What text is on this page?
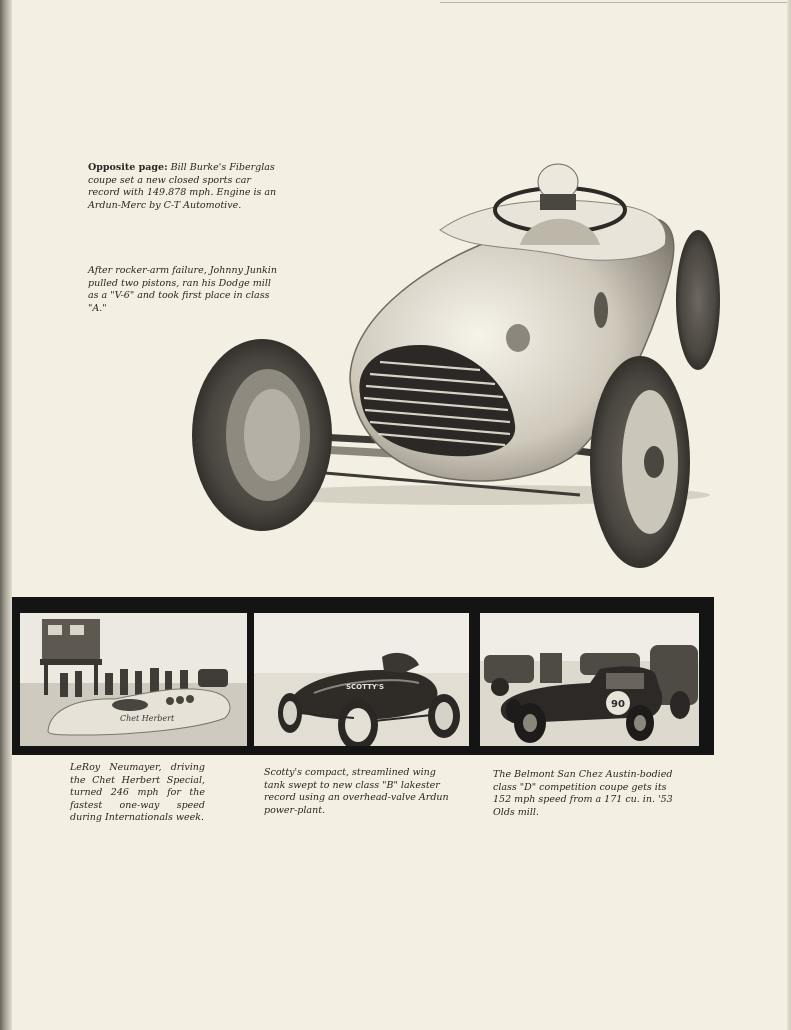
Opposite page: Bill Burke's Fiberglas coupe set a new closed sports car record with 149.878 mph. Engine is an Ardun-Merc by C-T Automotive.

After rocker-arm failure, Johnny Junkin pulled two pistons, ran his Dodge mill as a "V-6" and took first place in class "A."

Chet Herbert
SCOTTY'S
90

LeRoy Neumayer, driving the Chet Herbert Special, turned 246 mph for the fastest one-way speed during Internationals week.

Scotty's compact, streamlined wing tank swept to new class "B" lakester record using an overhead-valve Ardun power-plant.

The Belmont San Chez Austin-bodied class "D" competition coupe gets its 152 mph speed from a 171 cu. in. '53 Olds mill.
